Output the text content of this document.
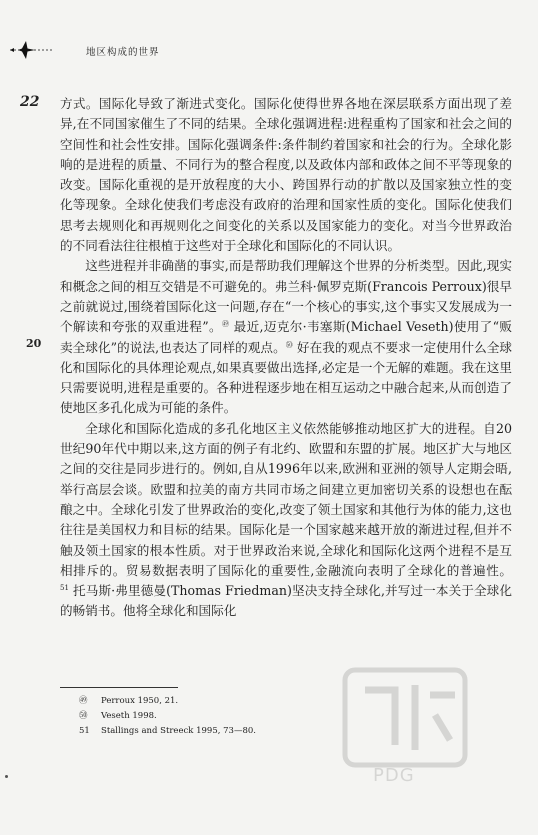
地区构成的世界
22
20

方式。国际化导致了渐进式变化。国际化使得世界各地在深层联系方面出现了差异,在不同国家催生了不同的结果。全球化强调进程:进程重构了国家和社会之间的空间性和社会性安排。国际化强调条件:条件制约着国家和社会的行为。全球化影响的是进程的质量、不同行为的整合程度,以及政体内部和政体之间不平等现象的改变。国际化重视的是开放程度的大小、跨国界行动的扩散以及国家独立性的变化等现象。全球化使我们考虑没有政府的治理和国家性质的变化。国际化使我们思考去规则化和再规则化之间变化的关系以及国家能力的变化。对当今世界政治的不同看法往往根植于这些对于全球化和国际化的不同认识。

这些进程并非确凿的事实,而是帮助我们理解这个世界的分析类型。因此,现实和概念之间的相互交错是不可避免的。弗兰科·佩罗克斯(Francois Perroux)很早之前就说过,围绕着国际化这一问题,存在“一个核心的事实,这个事实又发展成为一个解读和夸张的双重进程”。$^㊾$ 最近,迈克尔·韦塞斯(Michael Veseth)使用了“贩卖全球化”的说法,也表达了同样的观点。$^㊿$ 好在我的观点不要求一定使用什么全球化和国际化的具体理论观点,如果真要做出选择,必定是一个无解的难题。我在这里只需要说明,进程是重要的。各种进程逐步地在相互运动之中融合起来,从而创造了使地区多孔化成为可能的条件。

全球化和国际化造成的多孔化地区主义依然能够推动地区扩大的进程。自20世纪90年代中期以来,这方面的例子有北约、欧盟和东盟的扩展。地区扩大与地区之间的交往是同步进行的。例如,自从1996年以来,欧洲和亚洲的领导人定期会晤,举行高层会谈。欧盟和拉美的南方共同市场之间建立更加密切关系的设想也在酝酿之中。全球化引发了世界政治的变化,改变了领土国家和其他行为体的能力,这也往往是美国权力和目标的结果。国际化是一个国家越来越开放的渐进过程,但并不触及领土国家的根本性质。对于世界政治来说,全球化和国际化这两个进程不是互相排斥的。贸易数据表明了国际化的重要性,金融流向表明了全球化的普遍性。$^{51}$ 托马斯·弗里德曼(Thomas Friedman)坚决支持全球化,并写过一本关于全球化的畅销书。他将全球化和国际化

㊾ Perroux 1950, 21.
㊿ Veseth 1998.
51 Stallings and Streeck 1995, 73—80.
PDG
